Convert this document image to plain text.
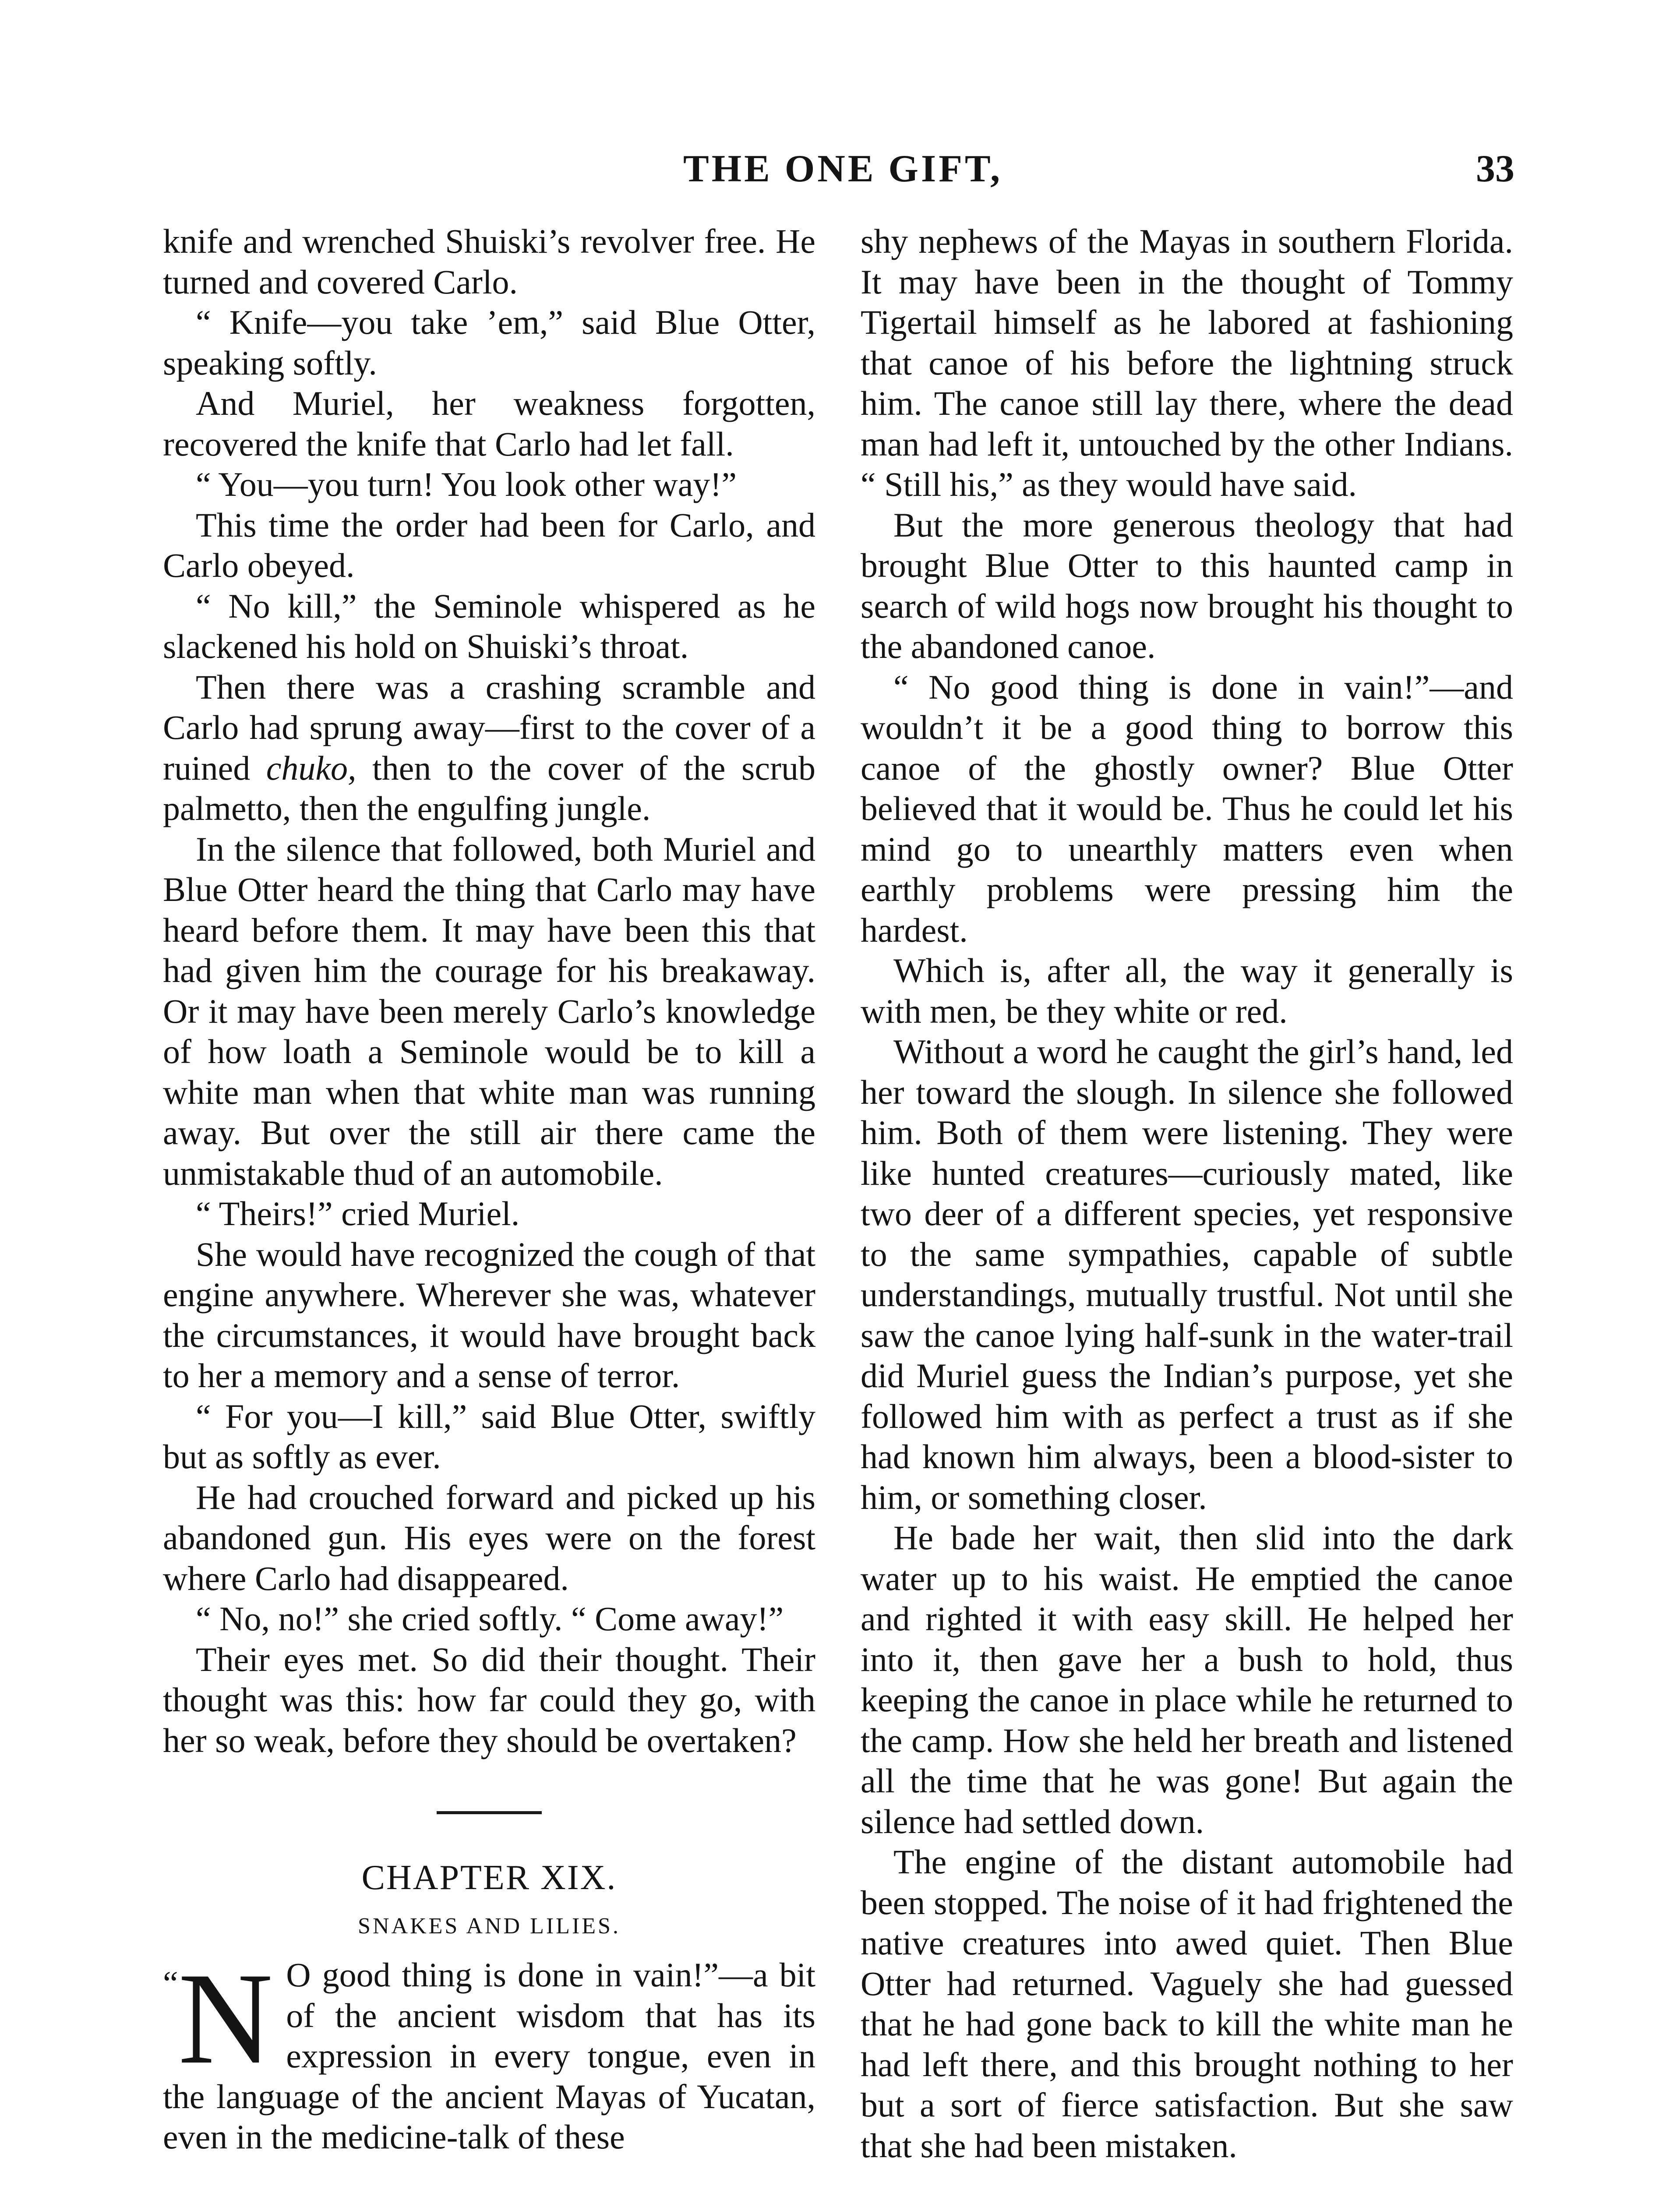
THE ONE GIFT,	33

knife and wrenched Shuiski’s revolver free. He turned and covered Carlo.

“ Knife—you take ’em,” said Blue Otter, speaking softly.

And Muriel, her weakness forgotten, recovered the knife that Carlo had let fall.

“ You—you turn! You look other way!”

This time the order had been for Carlo, and Carlo obeyed.

“ No kill,” the Seminole whispered as he slackened his hold on Shuiski’s throat.

Then there was a crashing scramble and Carlo had sprung away—first to the cover of a ruined chuko, then to the cover of the scrub palmetto, then the engulfing jungle.

In the silence that followed, both Muriel and Blue Otter heard the thing that Carlo may have heard before them. It may have been this that had given him the courage for his breakaway. Or it may have been merely Carlo’s knowledge of how loath a Seminole would be to kill a white man when that white man was running away. But over the still air there came the unmistakable thud of an automobile.

“ Theirs!” cried Muriel.

She would have recognized the cough of that engine anywhere. Wherever she was, whatever the circumstances, it would have brought back to her a memory and a sense of terror.

“ For you—I kill,” said Blue Otter, swiftly but as softly as ever.

He had crouched forward and picked up his abandoned gun. His eyes were on the forest where Carlo had disappeared.

“ No, no!” she cried softly. “ Come away!”

Their eyes met. So did their thought. Their thought was this: how far could they go, with her so weak, before they should be overtaken?

CHAPTER XIX.

SNAKES AND LILIES.

“N O good thing is done in vain!”—a bit of the ancient wisdom that has its expression in every tongue, even in the language of the ancient Mayas of Yucatan, even in the medicine-talk of these

shy nephews of the Mayas in southern Florida. It may have been in the thought of Tommy Tigertail himself as he labored at fashioning that canoe of his before the lightning struck him. The canoe still lay there, where the dead man had left it, untouched by the other Indians. “ Still his,” as they would have said.

But the more generous theology that had brought Blue Otter to this haunted camp in search of wild hogs now brought his thought to the abandoned canoe.

“ No good thing is done in vain!”—and wouldn’t it be a good thing to borrow this canoe of the ghostly owner? Blue Otter believed that it would be. Thus he could let his mind go to unearthly matters even when earthly problems were pressing him the hardest.

Which is, after all, the way it generally is with men, be they white or red.

Without a word he caught the girl’s hand, led her toward the slough. In silence she followed him. Both of them were listening. They were like hunted creatures—curiously mated, like two deer of a different species, yet responsive to the same sympathies, capable of subtle understandings, mutually trustful. Not until she saw the canoe lying half-sunk in the water-trail did Muriel guess the Indian’s purpose, yet she followed him with as perfect a trust as if she had known him always, been a blood-sister to him, or something closer.

He bade her wait, then slid into the dark water up to his waist. He emptied the canoe and righted it with easy skill. He helped her into it, then gave her a bush to hold, thus keeping the canoe in place while he returned to the camp. How she held her breath and listened all the time that he was gone! But again the silence had settled down.

The engine of the distant automobile had been stopped. The noise of it had frightened the native creatures into awed quiet. Then Blue Otter had returned. Vaguely she had guessed that he had gone back to kill the white man he had left there, and this brought nothing to her but a sort of fierce satisfaction. But she saw that she had been mistaken.
